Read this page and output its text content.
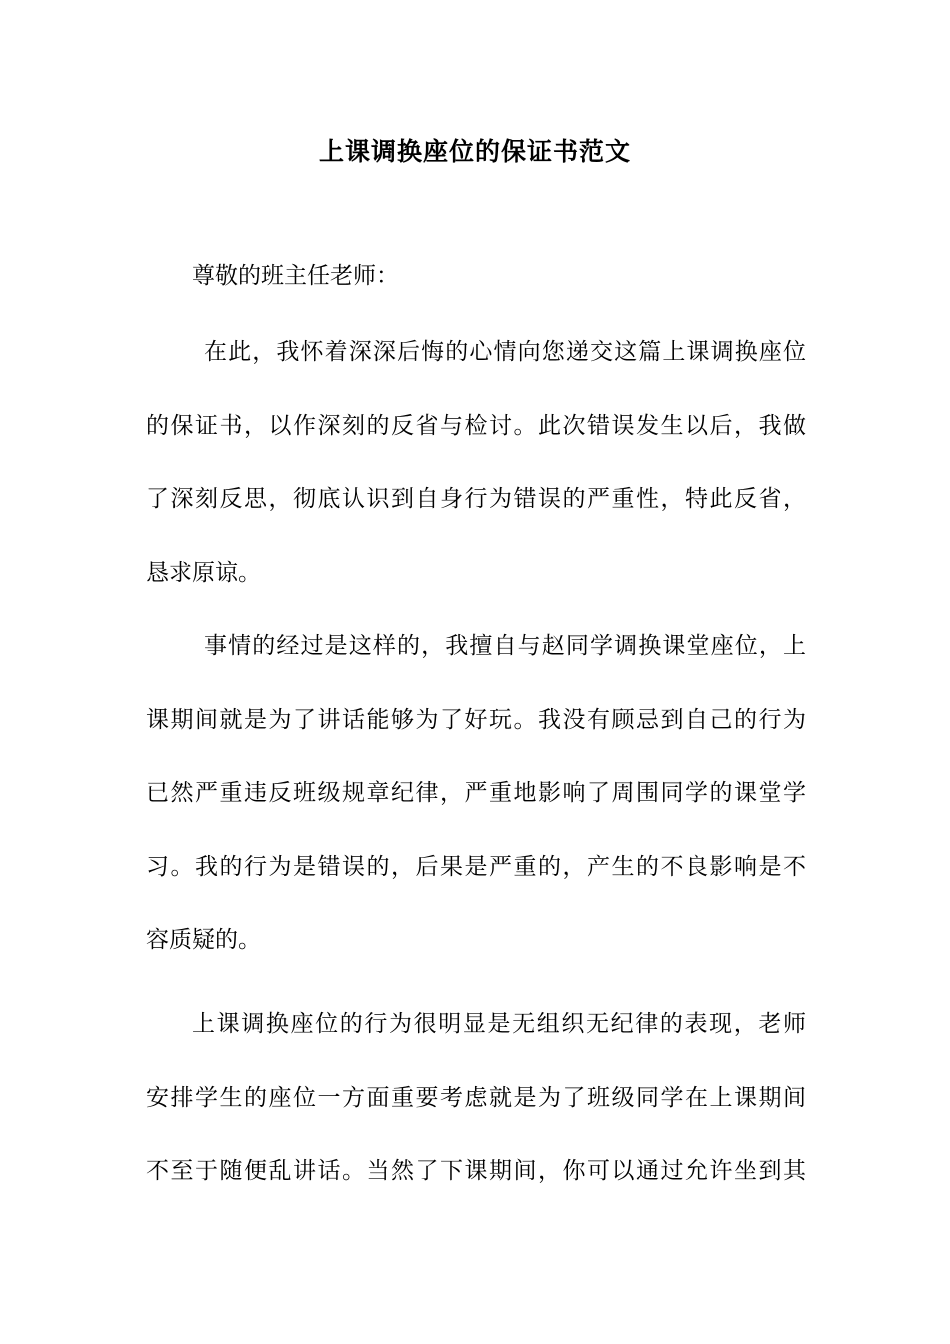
上课调换座位的保证书范文
尊敬的班主任老师：
在此，我怀着深深后悔的心情向您递交这篇上课调换座位
的保证书，以作深刻的反省与检讨。此次错误发生以后，我做
了深刻反思，彻底认识到自身行为错误的严重性，特此反省，
恳求原谅。
事情的经过是这样的，我擅自与赵同学调换课堂座位，上
课期间就是为了讲话能够为了好玩。我没有顾忌到自己的行为
已然严重违反班级规章纪律，严重地影响了周围同学的课堂学
习。我的行为是错误的，后果是严重的，产生的不良影响是不
容质疑的。
上课调换座位的行为很明显是无组织无纪律的表现，老师
安排学生的座位一方面重要考虑就是为了班级同学在上课期间
不至于随便乱讲话。当然了下课期间，你可以通过允许坐到其
